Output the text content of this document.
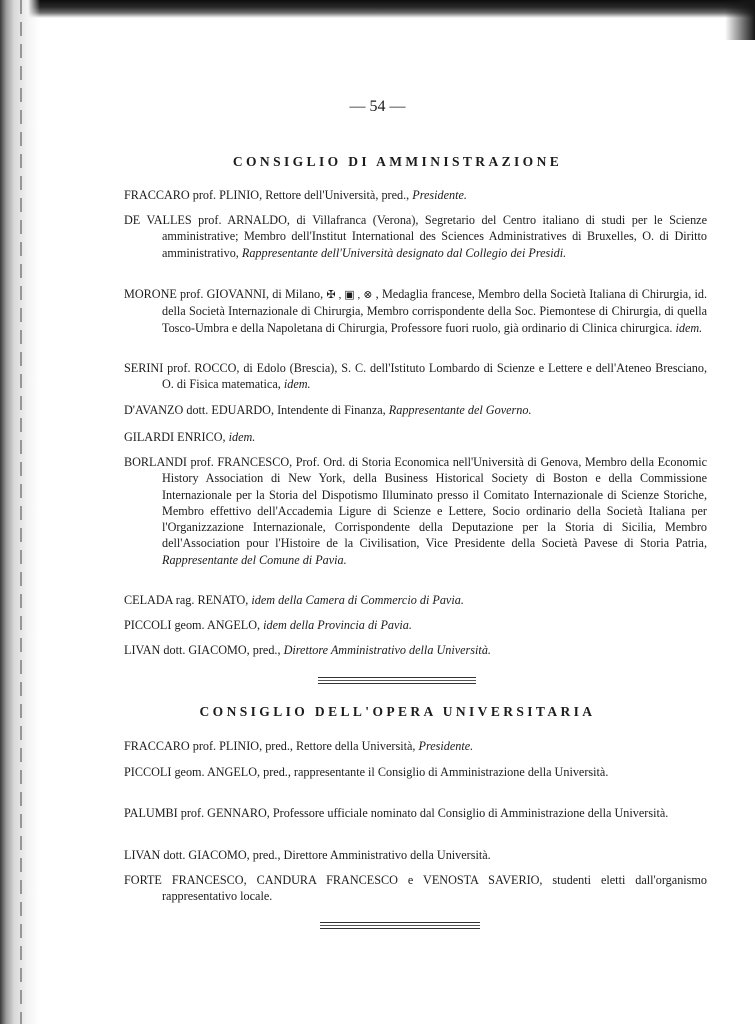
— 54 —
CONSIGLIO DI AMMINISTRAZIONE
FRACCARO prof. PLINIO, Rettore dell'Università, pred., Presidente.
DE VALLES prof. ARNALDO, di Villafranca (Verona), Segretario del Centro italiano di studi per le Scienze amministrative; Membro dell'Institut International des Sciences Administratives di Bruxelles, O. di Diritto amministrativo, Rappresentante dell'Università designato dal Collegio dei Presidi.
MORONE prof. GIOVANNI, di Milano, ✠ , ▣ , ⊗ , Medaglia francese, Membro della Società Italiana di Chirurgia, id. della Società Internazionale di Chirurgia, Membro corrispondente della Soc. Piemontese di Chirurgia, di quella Tosco-Umbra e della Napoletana di Chirurgia, Professore fuori ruolo, già ordinario di Clinica chirurgica. idem.
SERINI prof. ROCCO, di Edolo (Brescia), S. C. dell'Istituto Lombardo di Scienze e Lettere e dell'Ateneo Bresciano, O. di Fisica matematica, idem.
D'AVANZO dott. EDUARDO, Intendente di Finanza, Rappresentante del Governo.
GILARDI ENRICO, idem.
BORLANDI prof. FRANCESCO, Prof. Ord. di Storia Economica nell'Università di Genova, Membro della Economic History Association di New York, della Business Historical Society di Boston e della Commissione Internazionale per la Storia del Dispotismo Illuminato presso il Comitato Internazionale di Scienze Storiche, Membro effettivo dell'Accademia Ligure di Scienze e Lettere, Socio ordinario della Società Italiana per l'Organizzazione Internazionale, Corrispondente della Deputazione per la Storia di Sicilia, Membro dell'Association pour l'Histoire de la Civilisation, Vice Presidente della Società Pavese di Storia Patria, Rappresentante del Comune di Pavia.
CELADA rag. RENATO, idem della Camera di Commercio di Pavia.
PICCOLI geom. ANGELO, idem della Provincia di Pavia.
LIVAN dott. GIACOMO, pred., Direttore Amministrativo della Università.
CONSIGLIO DELL'OPERA UNIVERSITARIA
FRACCARO prof. PLINIO, pred., Rettore della Università, Presidente.
PICCOLI geom. ANGELO, pred., rappresentante il Consiglio di Amministrazione della Università.
PALUMBI prof. GENNARO, Professore ufficiale nominato dal Consiglio di Amministrazione della Università.
LIVAN dott. GIACOMO, pred., Direttore Amministrativo della Università.
FORTE FRANCESCO, CANDURA FRANCESCO e VENOSTA SAVERIO, studenti eletti dall'organismo rappresentativo locale.
